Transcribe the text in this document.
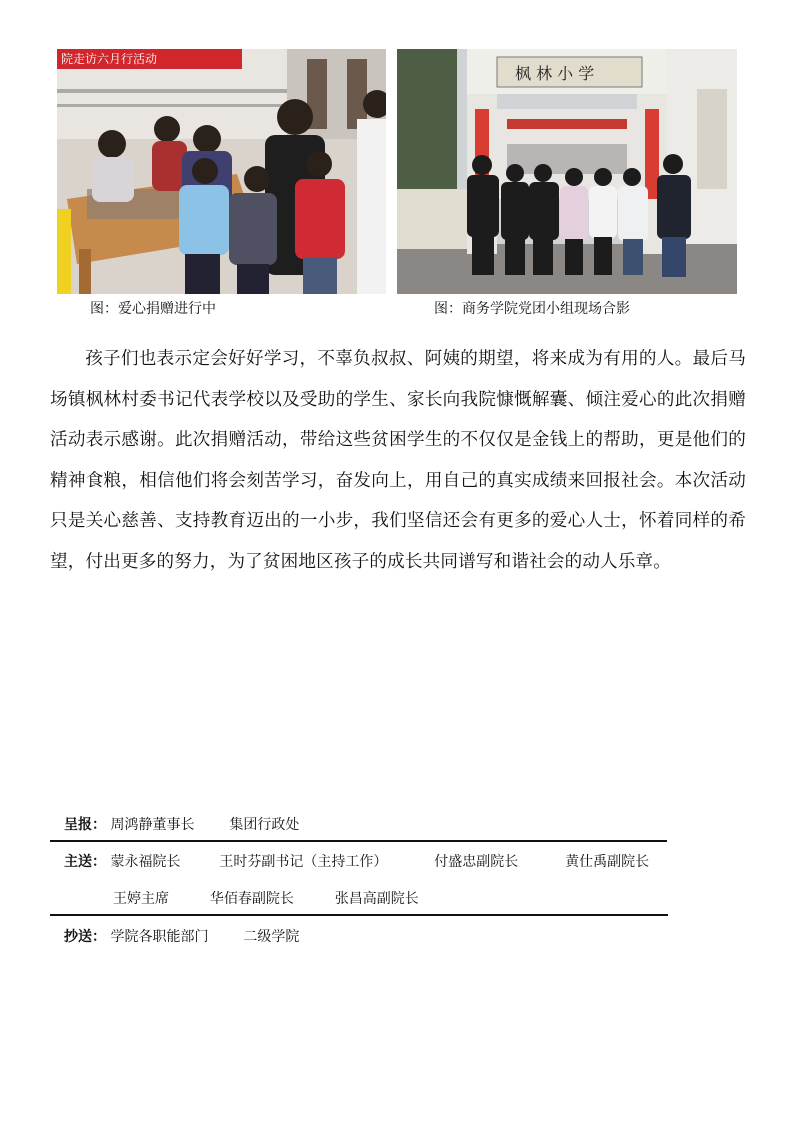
院走访六月行活动
枫 林 小 学
图：爱心捐赠进行中	图：商务学院党团小组现场合影

孩子们也表示定会好好学习，不辜负叔叔、阿姨的期望，将来成为有用的人。最后马场镇枫林村委书记代表学校以及受助的学生、家长向我院慷慨解囊、倾注爱心的此次捐赠活动表示感谢。此次捐赠活动，带给这些贫困学生的不仅仅是金钱上的帮助，更是他们的精神食粮，相信他们将会刻苦学习，奋发向上，用自己的真实成绩来回报社会。本次活动只是关心慈善、支持教育迈出的一小步，我们坚信还会有更多的爱心人士，怀着同样的希望，付出更多的努力，为了贫困地区孩子的成长共同谱写和谐社会的动人乐章。

呈报： 周鸿静董事长 集团行政处
主送： 蒙永福院长	王时芬副书记（主持工作）	付盛忠副院长	黄仕禹副院长
王婷主席	华佰春副院长	张昌高副院长
抄送： 学院各职能部门 二级学院
